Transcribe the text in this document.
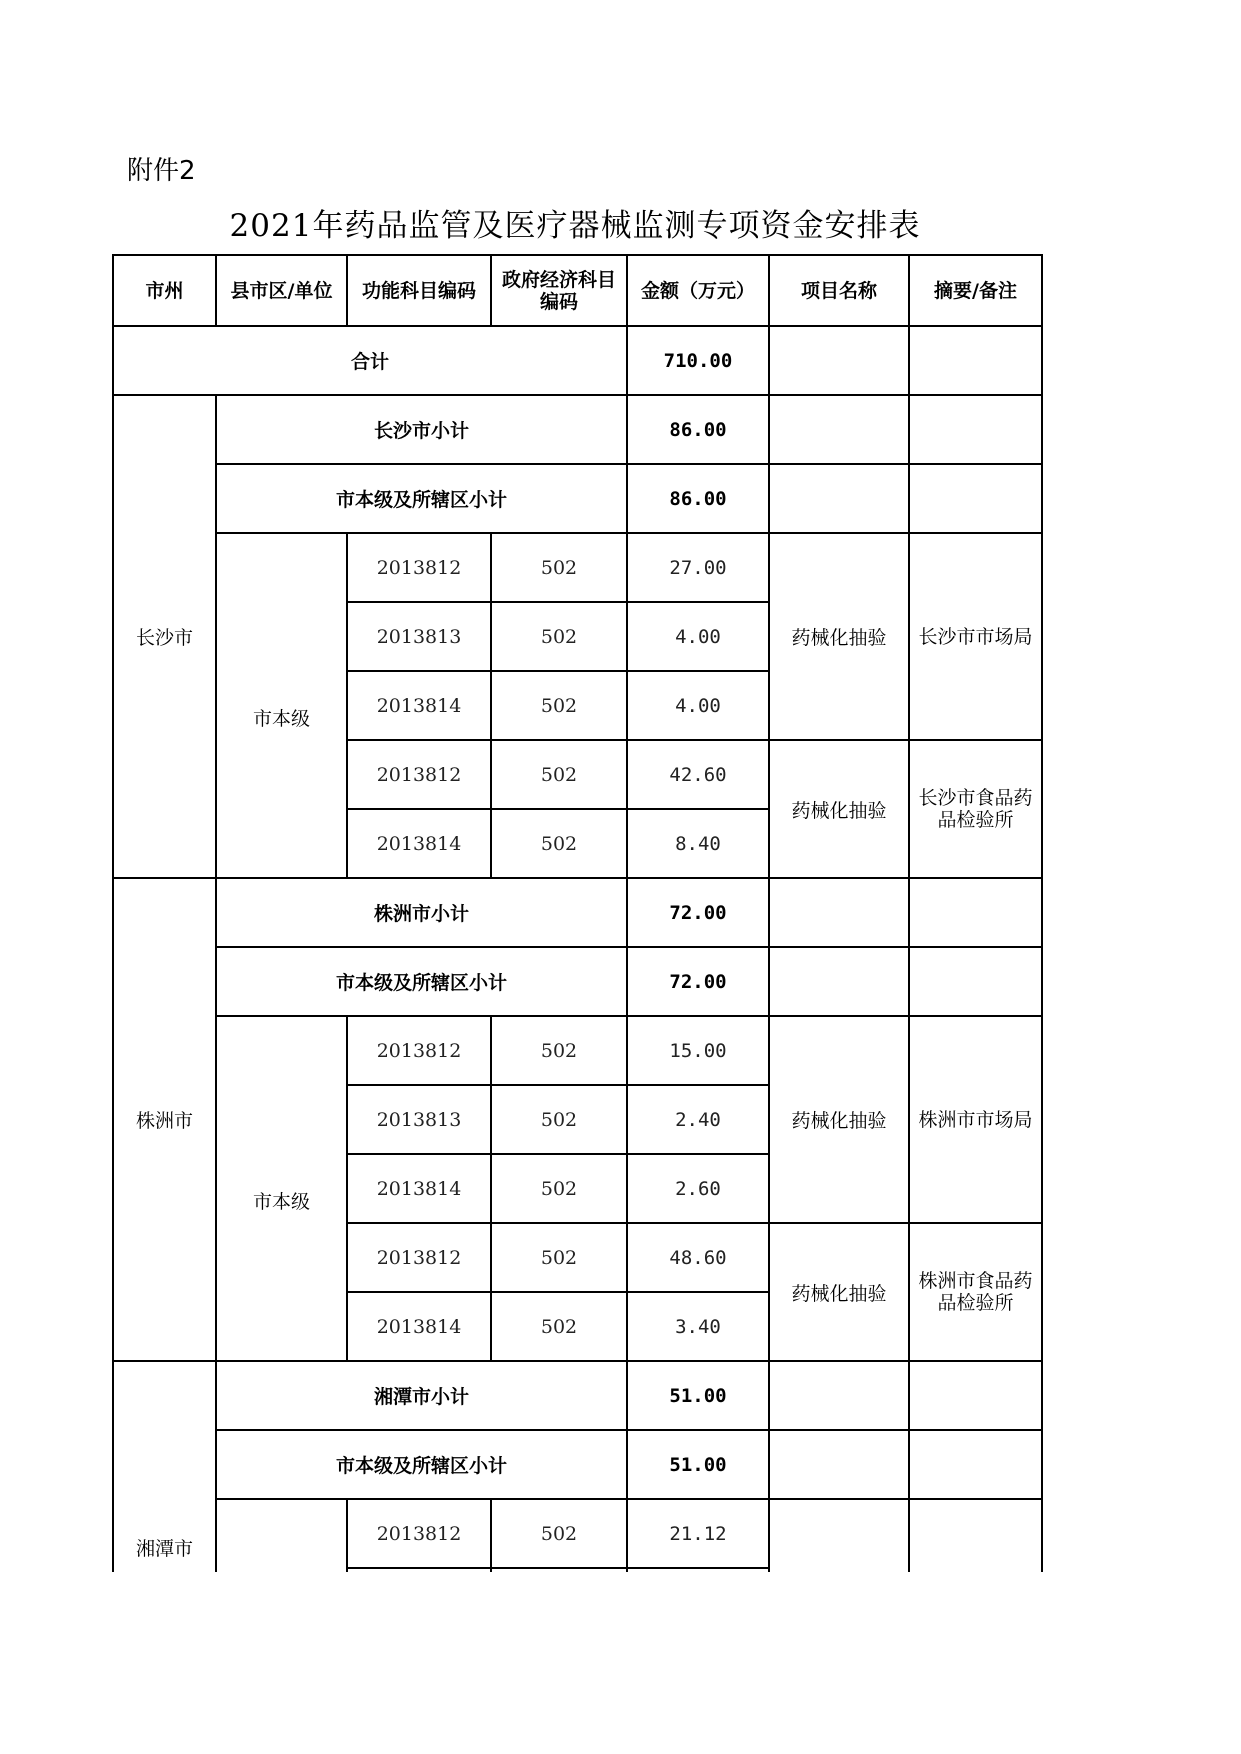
附件2
2021年药品监管及医疗器械监测专项资金安排表
市州	县市区/单位	功能科目编码	政府经济科目编码	金额（万元）	项目名称	摘要/备注
合计				710.00		
长沙市	长沙市小计			86.00		
	市本级及所辖区小计			86.00		
	市本级	2013812	502	27.00	药械化抽验	长沙市市场局
		2013813	502	4.00		
		2013814	502	4.00		
		2013812	502	42.60	药械化抽验	长沙市食品药品检验所
		2013814	502	8.40		
株洲市	株洲市小计			72.00		
	市本级及所辖区小计			72.00		
	市本级	2013812	502	15.00	药械化抽验	株洲市市场局
		2013813	502	2.40		
		2013814	502	2.60		
		2013812	502	48.60	药械化抽验	株洲市食品药品检验所
		2013814	502	3.40		
湘潭市	湘潭市小计			51.00		
	市本级及所辖区小计			51.00		
		2013812	502	21.12		
